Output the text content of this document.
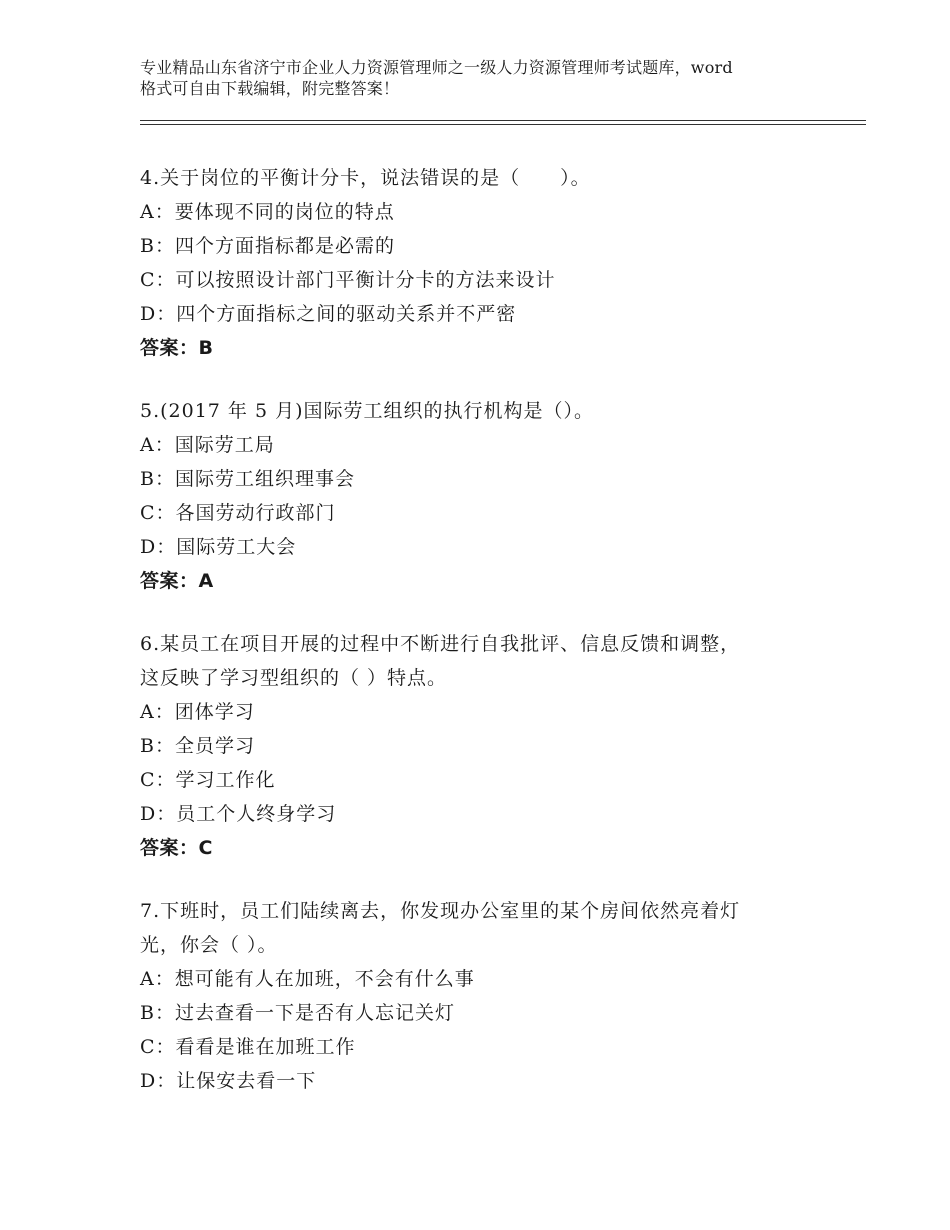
专业精品山东省济宁市企业人力资源管理师之一级人力资源管理师考试题库，word
格式可自由下载编辑，附完整答案！
4.关于岗位的平衡计分卡，说法错误的是（　　）。
A：要体现不同的岗位的特点
B：四个方面指标都是必需的
C：可以按照设计部门平衡计分卡的方法来设计
D：四个方面指标之间的驱动关系并不严密
答案：B
5.(2017 年 5 月)国际劳工组织的执行机构是（）。
A：国际劳工局
B：国际劳工组织理事会
C：各国劳动行政部门
D：国际劳工大会
答案：A
6.某员工在项目开展的过程中不断进行自我批评、信息反馈和调整，
这反映了学习型组织的（ ）特点。
A：团体学习
B：全员学习
C：学习工作化
D：员工个人终身学习
答案：C
7.下班时，员工们陆续离去，你发现办公室里的某个房间依然亮着灯
光，你会（ ）。
A：想可能有人在加班，不会有什么事
B：过去查看一下是否有人忘记关灯
C：看看是谁在加班工作
D：让保安去看一下
